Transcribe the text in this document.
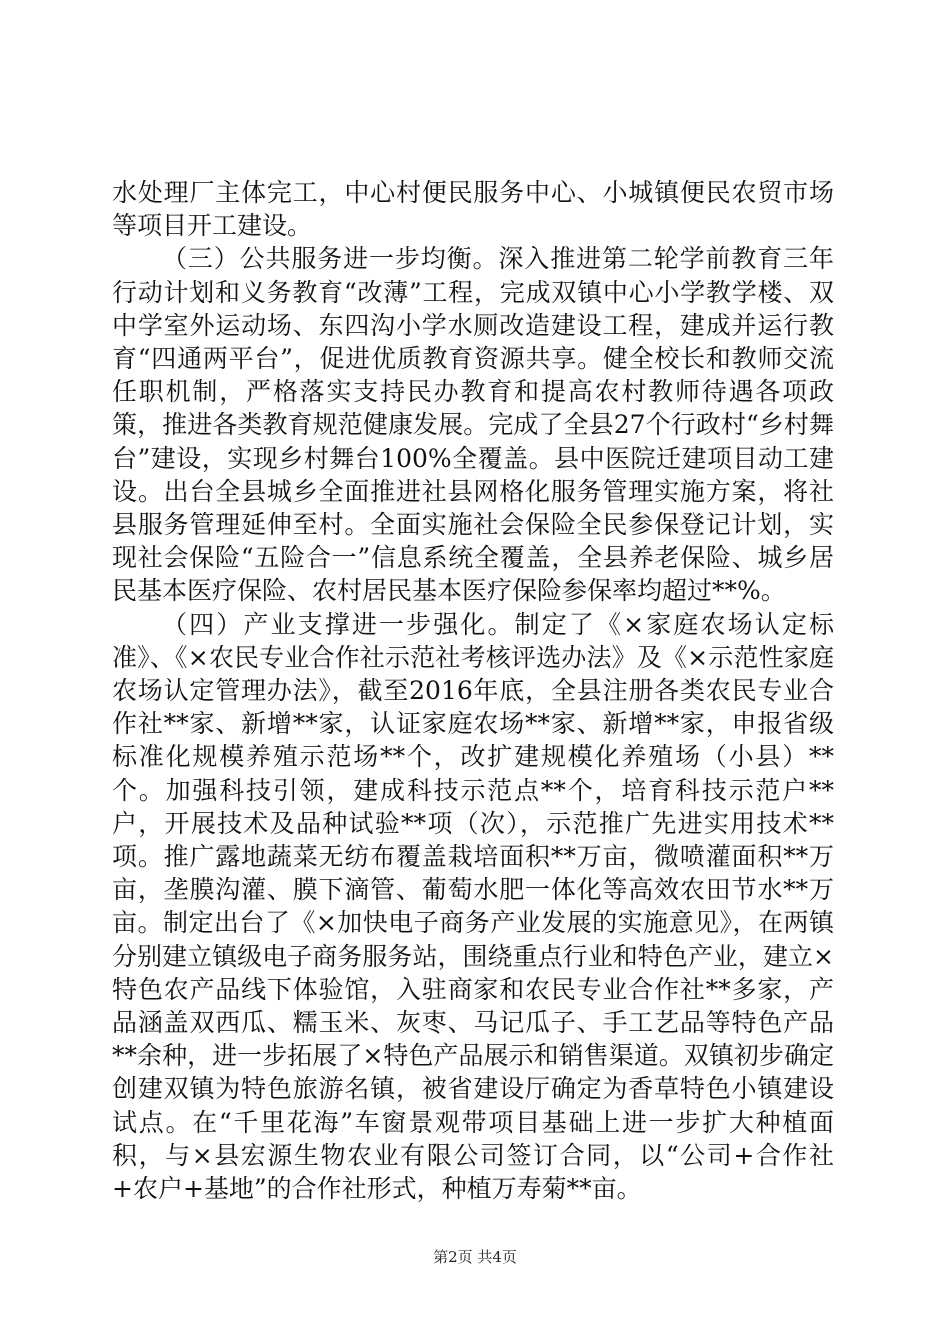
水处理厂主体完工，中心村便民服务中心、小城镇便民农贸市场等项目开工建设。

（三）公共服务进一步均衡。深入推进第二轮学前教育三年行动计划和义务教育“改薄”工程，完成双镇中心小学教学楼、双中学室外运动场、东四沟小学水厕改造建设工程，建成并运行教育“四通两平台”，促进优质教育资源共享。健全校长和教师交流任职机制，严格落实支持民办教育和提高农村教师待遇各项政策，推进各类教育规范健康发展。完成了全县27个行政村“乡村舞台”建设，实现乡村舞台100%全覆盖。县中医院迁建项目动工建设。出台全县城乡全面推进社县网格化服务管理实施方案，将社县服务管理延伸至村。全面实施社会保险全民参保登记计划，实现社会保险“五险合一”信息系统全覆盖，全县养老保险、城乡居民基本医疗保险、农村居民基本医疗保险参保率均超过**%。

（四）产业支撑进一步强化。制定了《×家庭农场认定标准》、《×农民专业合作社示范社考核评选办法》及《×示范性家庭农场认定管理办法》，截至2016年底，全县注册各类农民专业合作社**家、新增**家，认证家庭农场**家、新增**家，申报省级标准化规模养殖示范场**个，改扩建规模化养殖场（小县）**个。加强科技引领，建成科技示范点**个，培育科技示范户**户，开展技术及品种试验**项（次），示范推广先进实用技术**项。推广露地蔬菜无纺布覆盖栽培面积**万亩，微喷灌面积**万亩，垄膜沟灌、膜下滴管、葡萄水肥一体化等高效农田节水**万亩。制定出台了《×加快电子商务产业发展的实施意见》，在两镇分别建立镇级电子商务服务站，围绕重点行业和特色产业，建立×特色农产品线下体验馆，入驻商家和农民专业合作社**多家，产品涵盖双西瓜、糯玉米、灰枣、马记瓜子、手工艺品等特色产品**余种，进一步拓展了×特色产品展示和销售渠道。双镇初步确定创建双镇为特色旅游名镇，被省建设厅确定为香草特色小镇建设试点。在“千里花海”车窗景观带项目基础上进一步扩大种植面积，与×县宏源生物农业有限公司签订合同，以“公司+合作社+农户+基地”的合作社形式，种植万寿菊**亩。

第2页 共4页
